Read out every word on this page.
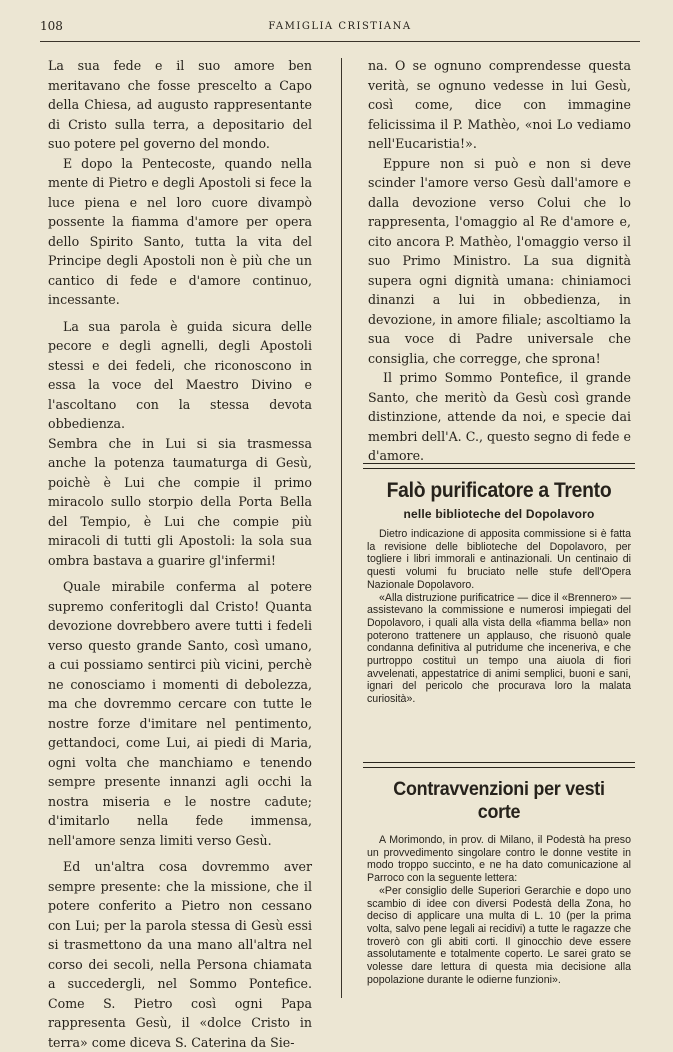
108	FAMIGLIA CRISTIANA

La sua fede e il suo amore ben meritavano che fosse prescelto a Capo della Chiesa, ad augusto rappresentante di Cristo sulla terra, a depositario del suo potere pel governo del mondo.

E dopo la Pentecoste, quando nella mente di Pietro e degli Apostoli si fece la luce piena e nel loro cuore divampò possente la fiamma d'amore per opera dello Spirito Santo, tutta la vita del Principe degli Apostoli non è più che un cantico di fede e d'amore continuo, incessante.

La sua parola è guida sicura delle pecore e degli agnelli, degli Apostoli stessi e dei fedeli, che riconoscono in essa la voce del Maestro Divino e l'ascoltano con la stessa devota obbedienza.

Sembra che in Lui si sia trasmessa anche la potenza taumaturga di Gesù, poichè è Lui che compie il primo miracolo sullo storpio della Porta Bella del Tempio, è Lui che compie più miracoli di tutti gli Apostoli: la sola sua ombra bastava a guarire gl'infermi!

Quale mirabile conferma al potere supremo conferitogli dal Cristo! Quanta devozione dovrebbero avere tutti i fedeli verso questo grande Santo, così umano, a cui possiamo sentirci più vicini, perchè ne conosciamo i momenti di debolezza, ma che dovremmo cercare con tutte le nostre forze d'imitare nel pentimento, gettandoci, come Lui, ai piedi di Maria, ogni volta che manchiamo e tenendo sempre presente innanzi agli occhi la nostra miseria e le nostre cadute; d'imitarlo nella fede immensa, nell'amore senza limiti verso Gesù.

Ed un'altra cosa dovremmo aver sempre presente: che la missione, che il potere conferito a Pietro non cessano con Lui; per la parola stessa di Gesù essi si trasmettono da una mano all'altra nel corso dei secoli, nella Persona chiamata a succedergli, nel Sommo Pontefice. Come S. Pietro così ogni Papa rappresenta Gesù, il «dolce Cristo in terra» come diceva S. Caterina da Sie-

na. O se ognuno comprendesse questa verità, se ognuno vedesse in lui Gesù, così come, dice con immagine felicissima il P. Mathèo, «noi Lo vediamo nell'Eucaristia!».

Eppure non si può e non si deve scinder l'amore verso Gesù dall'amore e dalla devozione verso Colui che lo rappresenta, l'omaggio al Re d'amore e, cito ancora P. Mathèo, l'omaggio verso il suo Primo Ministro. La sua dignità supera ogni dignità umana: chiniamoci dinanzi a lui in obbedienza, in devozione, in amore filiale; ascoltiamo la sua voce di Padre universale che consiglia, che corregge, che sprona!

Il primo Sommo Pontefice, il grande Santo, che meritò da Gesù così grande distinzione, attende da noi, e specie dai membri dell'A. C., questo segno di fede e d'amore.

Falò purificatore a Trento
nelle biblioteche del Dopolavoro

Dietro indicazione di apposita commissione si è fatta la revisione delle biblioteche del Dopolavoro, per togliere i libri immorali e antinazionali. Un centinaio di questi volumi fu bruciato nelle stufe dell'Opera Nazionale Dopolavoro.

«Alla distruzione purificatrice — dice il «Brennero» — assistevano la commissione e numerosi impiegati del Dopolavoro, i quali alla vista della «fiamma bella» non poterono trattenere un applauso, che risuonò quale condanna definitiva al putridume che inceneriva, e che purtroppo costituì un tempo una aiuola di fiori avvelenati, appestatrice di animi semplici, buoni e sani, ignari del pericolo che procurava loro la malata curiosità».

Contravvenzioni per vesti corte

A Morimondo, in prov. di Milano, il Podestà ha preso un provvedimento singolare contro le donne vestite in modo troppo succinto, e ne ha dato comunicazione al Parroco con la seguente lettera:

«Per consiglio delle Superiori Gerarchie e dopo uno scambio di idee con diversi Podestà della Zona, ho deciso di applicare una multa di L. 10 (per la prima volta, salvo pene legali ai recidivi) a tutte le ragazze che troverò con gli abiti corti. Il ginocchio deve essere assolutamente e totalmente coperto. Le sarei grato se volesse dare lettura di questa mia decisione alla popolazione durante le odierne funzioni».
